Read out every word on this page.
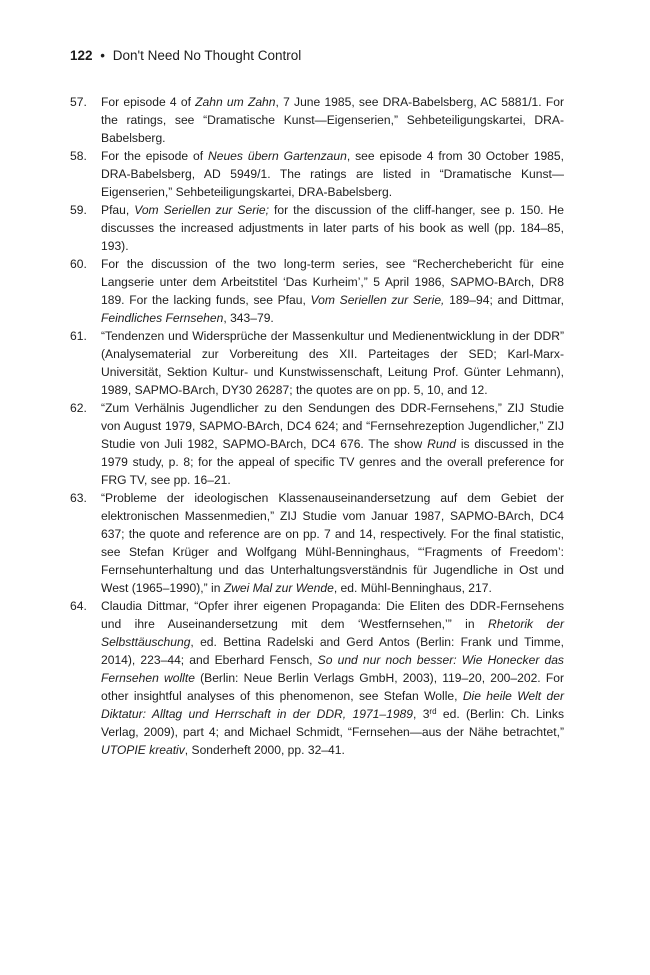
122 • Don't Need No Thought Control
57. For episode 4 of Zahn um Zahn, 7 June 1985, see DRA-Babelsberg, AC 5881/1. For the ratings, see “Dramatische Kunst—Eigenserien,” Sehbeteiligungskartei, DRA-Babelsberg.
58. For the episode of Neues übern Gartenzaun, see episode 4 from 30 October 1985, DRA-Babelsberg, AD 5949/1. The ratings are listed in “Dramatische Kunst—Eigenserien,” Sehbeteiligungskartei, DRA-Babelsberg.
59. Pfau, Vom Seriellen zur Serie; for the discussion of the cliff-hanger, see p. 150. He discusses the increased adjustments in later parts of his book as well (pp. 184–85, 193).
60. For the discussion of the two long-term series, see “Recherchebericht für eine Langserie unter dem Arbeitstitel ‘Das Kurheim’,” 5 April 1986, SAPMO-BArch, DR8 189. For the lacking funds, see Pfau, Vom Seriellen zur Serie, 189–94; and Dittmar, Feindliches Fernsehen, 343–79.
61. “Tendenzen und Widersprüche der Massenkultur und Medienentwicklung in der DDR” (Analysematerial zur Vorbereitung des XII. Parteitages der SED; Karl-Marx-Universität, Sektion Kultur- und Kunstwissenschaft, Leitung Prof. Günter Lehmann), 1989, SAPMO-BArch, DY30 26287; the quotes are on pp. 5, 10, and 12.
62. “Zum Verhälnis Jugendlicher zu den Sendungen des DDR-Fernsehens,” ZIJ Studie von August 1979, SAPMO-BArch, DC4 624; and “Fernsehrezeption Jugendlicher,” ZIJ Studie von Juli 1982, SAPMO-BArch, DC4 676. The show Rund is discussed in the 1979 study, p. 8; for the appeal of specific TV genres and the overall preference for FRG TV, see pp. 16–21.
63. “Probleme der ideologischen Klassenauseinandersetzung auf dem Gebiet der elektronischen Massenmedien,” ZIJ Studie vom Januar 1987, SAPMO-BArch, DC4 637; the quote and reference are on pp. 7 and 14, respectively. For the final statistic, see Stefan Krüger and Wolfgang Mühl-Benninghaus, “‘Fragments of Freedom’: Fernsehunterhaltung und das Unterhaltungsverständnis für Jugendliche in Ost und West (1965–1990),” in Zwei Mal zur Wende, ed. Mühl-Benninghaus, 217.
64. Claudia Dittmar, “Opfer ihrer eigenen Propaganda: Die Eliten des DDR-Fernsehens und ihre Auseinandersetzung mit dem ‘Westfernsehen,’” in Rhetorik der Selbsttäuschung, ed. Bettina Radelski and Gerd Antos (Berlin: Frank und Timme, 2014), 223–44; and Eberhard Fensch, So und nur noch besser: Wie Honecker das Fernsehen wollte (Berlin: Neue Berlin Verlags GmbH, 2003), 119–20, 200–202. For other insightful analyses of this phenomenon, see Stefan Wolle, Die heile Welt der Diktatur: Alltag und Herrschaft in der DDR, 1971–1989, 3rd ed. (Berlin: Ch. Links Verlag, 2009), part 4; and Michael Schmidt, “Fernsehen—aus der Nähe betrachtet,” UTOPIE kreativ, Sonderheft 2000, pp. 32–41.
